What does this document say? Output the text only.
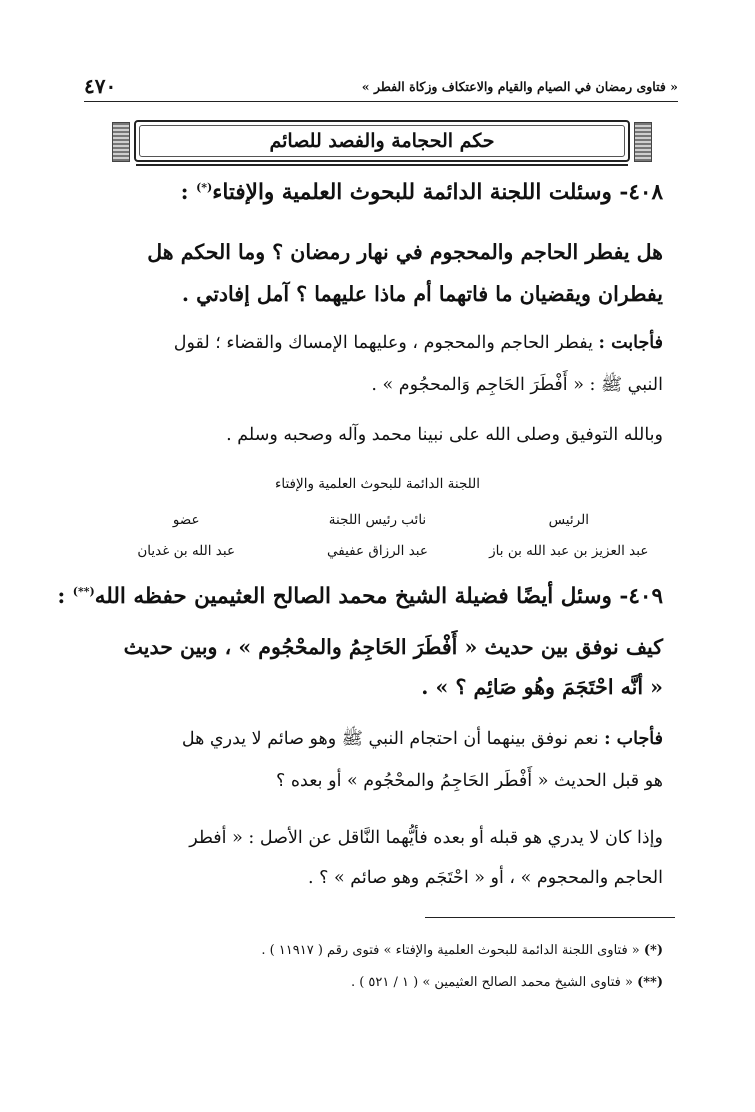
٤٧٠	« فتاوى رمضان في الصيام والقيام والاعتكاف وزكاة الفطر »
حكم الحجامة والفصد للصائم
٤٠٨- وسئلت اللجنة الدائمة للبحوث العلمية والإفتاء(*) :
هل يفطر الحاجم والمحجوم في نهار رمضان ؟ وما الحكم هل
يفطران ويقضيان ما فاتهما أم ماذا عليهما ؟ آمل إفادتي .
فأجابت : يفطر الحاجم والمحجوم ، وعليهما الإمساك والقضاء ؛ لقول
النبي ﷺ : « أَفْطَرَ الحَاجِم وَالمحجُوم » .
وبالله التوفيق وصلى الله على نبينا محمد وآله وصحبه وسلم .
اللجنة الدائمة للبحوث العلمية والإفتاء
الرئيس
نائب رئيس اللجنة
عضو
عبد العزيز بن عبد الله بن باز
عبد الرزاق عفيفي
عبد الله بن غديان
٤٠٩- وسئل أيضًا فضيلة الشيخ محمد الصالح العثيمين حفظه الله(**) :
كيف نوفق بين حديث « أَفْطَرَ الحَاجِمُ والمحْجُوم » ، وبين حديث
« أنَّه احْتَجَمَ وهُو صَائِم ؟ » .
فأجاب : نعم نوفق بينهما أن احتجام النبي ﷺ وهو صائم لا يدري هل
هو قبل الحديث « أَفْطَر الحَاجِمُ والمحْجُوم » أو بعده ؟
وإذا كان لا يدري هو قبله أو بعده فأيُّهما النَّاقل عن الأصل : « أفطر
الحاجم والمحجوم » ، أو « احْتَجَم وهو صائم » ؟ .
(*) « فتاوى اللجنة الدائمة للبحوث العلمية والإفتاء » فتوى رقم ( ١١٩١٧ ) .
(**) « فتاوى الشيخ محمد الصالح العثيمين » ( ١ / ٥٢١ ) .
